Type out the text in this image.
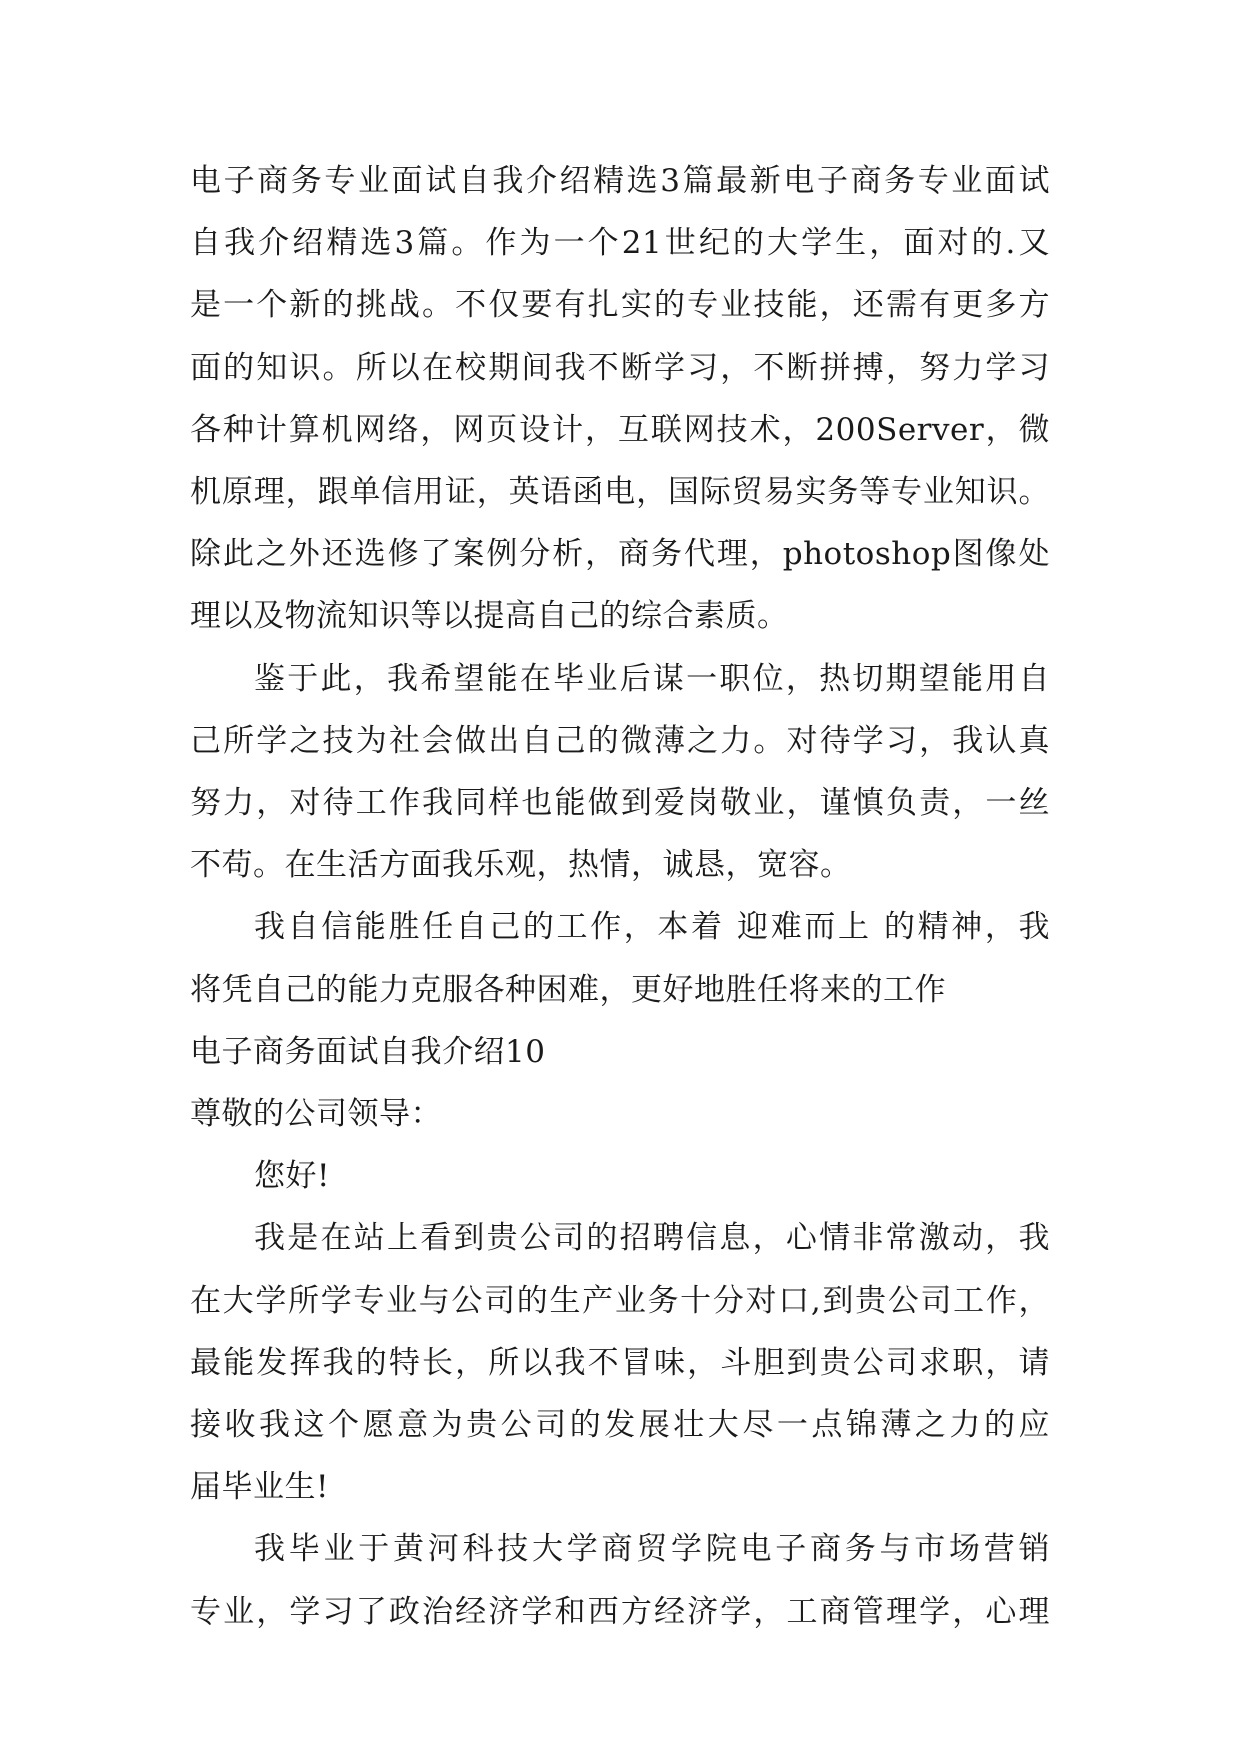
电子商务专业面试自我介绍精选3篇最新电子商务专业面试
自我介绍精选3篇。作为一个21世纪的大学生，面对的.又
是一个新的挑战。不仅要有扎实的专业技能，还需有更多方
面的知识。所以在校期间我不断学习，不断拼搏，努力学习
各种计算机网络，网页设计，互联网技术，200Server，微
机原理，跟单信用证，英语函电，国际贸易实务等专业知识。
除此之外还选修了案例分析，商务代理，photoshop图像处
理以及物流知识等以提高自己的综合素质。
鉴于此，我希望能在毕业后谋一职位，热切期望能用自
己所学之技为社会做出自己的微薄之力。对待学习，我认真
努力，对待工作我同样也能做到爱岗敬业，谨慎负责，一丝
不苟。在生活方面我乐观，热情，诚恳，宽容。
我自信能胜任自己的工作，本着 迎难而上 的精神，我
将凭自己的能力克服各种困难，更好地胜任将来的工作
电子商务面试自我介绍10
尊敬的公司领导：
您好!
我是在站上看到贵公司的招聘信息，心情非常激动，我
在大学所学专业与公司的生产业务十分对口,到贵公司工作，
最能发挥我的特长，所以我不冒味，斗胆到贵公司求职，请
接收我这个愿意为贵公司的发展壮大尽一点锦薄之力的应
届毕业生!
我毕业于黄河科技大学商贸学院电子商务与市场营销
专业，学习了政治经济学和西方经济学，工商管理学，心理
